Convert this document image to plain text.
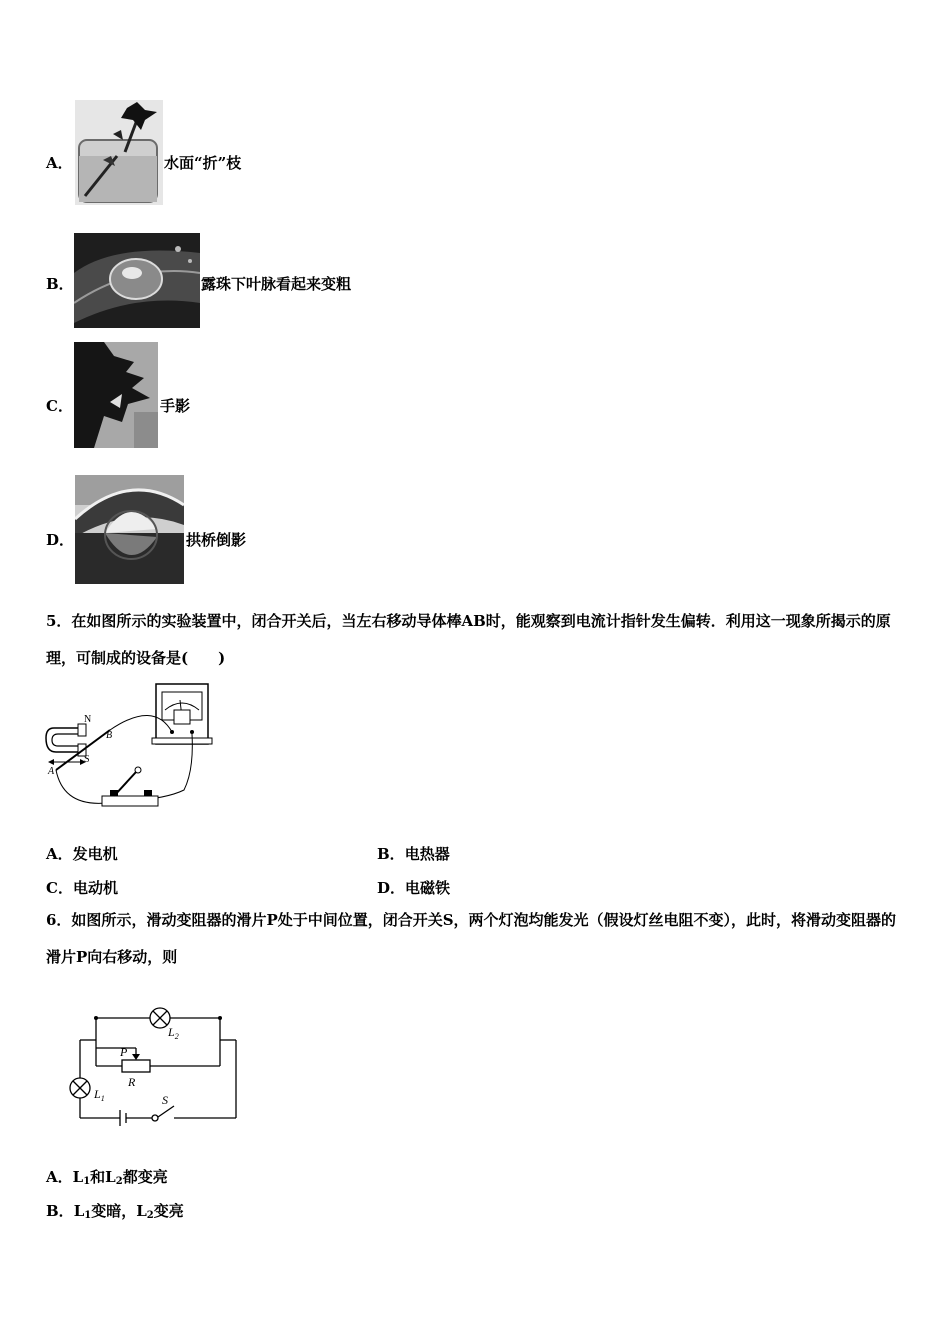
A．	水面“折”枝
B．	露珠下叶脉看起来变粗
C．	手影
D．	拱桥倒影
5．在如图所示的实验装置中，闭合开关后，当左右移动导体棒AB时，能观察到电流计指针发生偏转．利用这一现象所揭示的原理，可制成的设备是(　　)
N
S
A
B
A．发电机	B．电热器
C．电动机	D．电磁铁
6．如图所示，滑动变阻器的滑片P处于中间位置，闭合开关S，两个灯泡均能发光（假设灯丝电阻不变），此时，将滑动变阻器的滑片P向右移动，则
$L_2$
$L_1$
P
R
S
A．$L_1$和$L_2$都变亮
B．$L_1$变暗，$L_2$变亮
